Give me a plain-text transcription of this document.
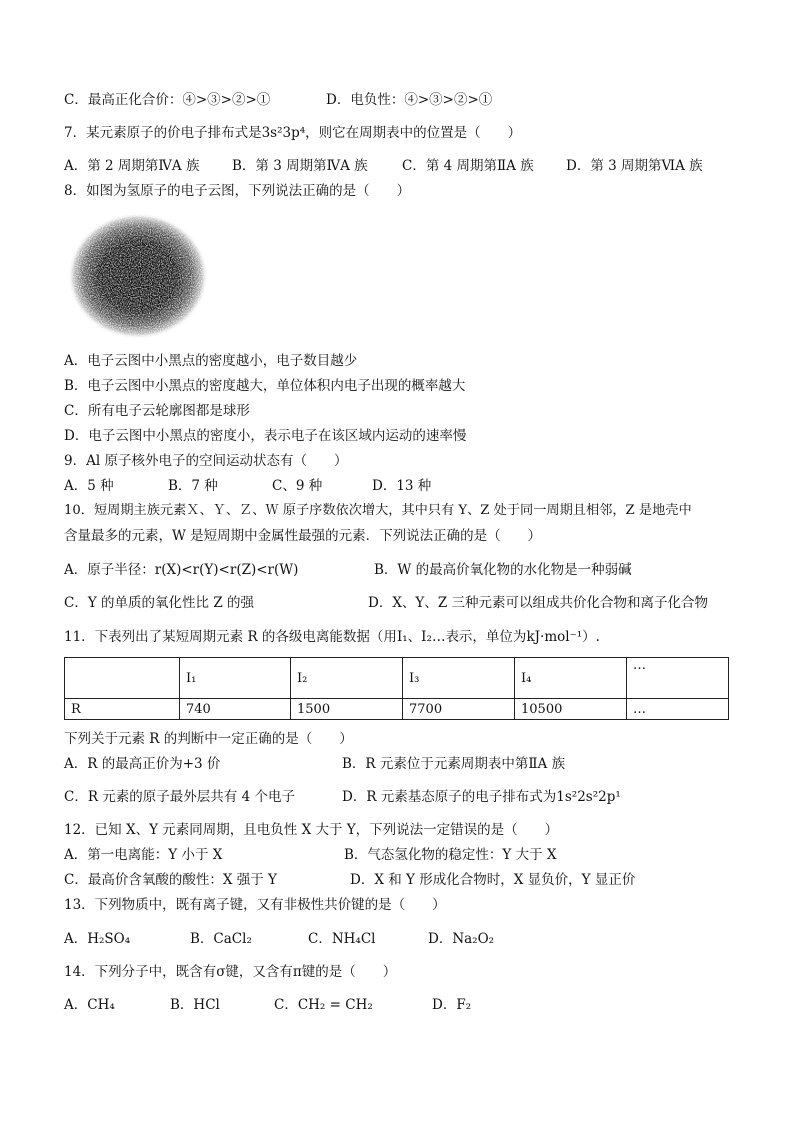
C．最高正化合价：④>③>②>①	D．电负性：④>③>②>①
7．某元素原子的价电子排布式是3s²3p⁴，则它在周期表中的位置是（　　）
A．第 2 周期第ⅣA 族 B．第 3 周期第ⅣA 族	C．第 4 周期第ⅡA 族 D．第 3 周期第ⅥA 族
8．如图为氢原子的电子云图，下列说法正确的是（　　）
A．电子云图中小黑点的密度越小，电子数目越少
B．电子云图中小黑点的密度越大，单位体积内电子出现的概率越大
C．所有电子云轮廓图都是球形
D．电子云图中小黑点的密度小，表示电子在该区域内运动的速率慢
9．Al 原子核外电子的空间运动状态有（　　）
A．5 种	B．7 种	C、9 种	D．13 种
10．短周期主族元素Ｘ、Ｙ、Ｚ、Ｗ 原子序数依次增大，其中只有 Y、Z 处于同一周期且相邻，Z 是地壳中
含量最多的元素，W 是短周期中金属性最强的元素．下列说法正确的是（　　）
A．原子半径：r(X)<r(Y)<r(Z)<r(W)	B．W 的最高价氧化物的水化物是一种弱碱
C．Y 的单质的氧化性比 Z 的强	D．X、Y、Z 三种元素可以组成共价化合物和离子化合物
11．下表列出了某短周期元素 R 的各级电离能数据（用I₁、I₂…表示，单位为kJ·mol⁻¹）.
	I₁	I₂	I₃	I₄	…
R	740	1500	7700	10500	…
下列关于元素 R 的判断中一定正确的是（　　）
A．R 的最高正价为+3 价	B．R 元素位于元素周期表中第ⅡA 族
C．R 元素的原子最外层共有 4 个电子	D．R 元素基态原子的电子排布式为1s²2s²2p¹
12．已知 X、Y 元素同周期，且电负性 X 大于 Y，下列说法一定错误的是（　　）
A．第一电离能：Y 小于 X	B．气态氢化物的稳定性：Y 大于 X
C．最高价含氧酸的酸性：X 强于 Y	D．X 和 Y 形成化合物时，X 显负价，Y 显正价
13．下列物质中，既有离子键，又有非极性共价键的是（　　）
A．H₂SO₄	B．CaCl₂	C．NH₄Cl	D．Na₂O₂
14．下列分子中，既含有σ键，又含有π键的是（　　）
A．CH₄	B．HCl	C．CH₂ = CH₂	D．F₂
